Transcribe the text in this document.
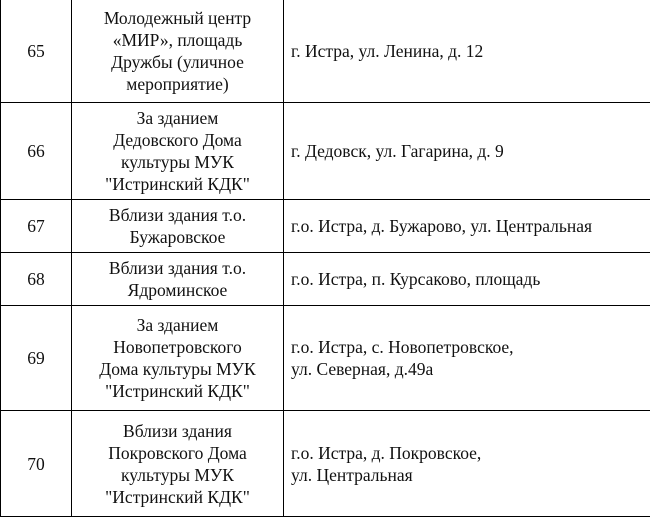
65	Молодежный центр
«МИР», площадь
Дружбы (уличное
мероприятие)	г. Истра, ул. Ленина, д. 12

66	За зданием
Дедовского Дома
культуры МУК
"Истринский КДК"	г. Дедовск, ул. Гагарина, д. 9

67	Вблизи здания т.о.
Бужаровское	г.о. Истра, д. Бужарово, ул. Центральная

68	Вблизи здания т.о.
Ядроминское	г.о. Истра, п. Курсаково, площадь

69	За зданием
Новопетровского
Дома культуры МУК
"Истринский КДК"	г.о. Истра, с. Новопетровское,
ул. Северная, д.49а

70	Вблизи здания
Покровского Дома
культуры МУК
"Истринский КДК"	г.о. Истра, д. Покровское,
ул. Центральная
